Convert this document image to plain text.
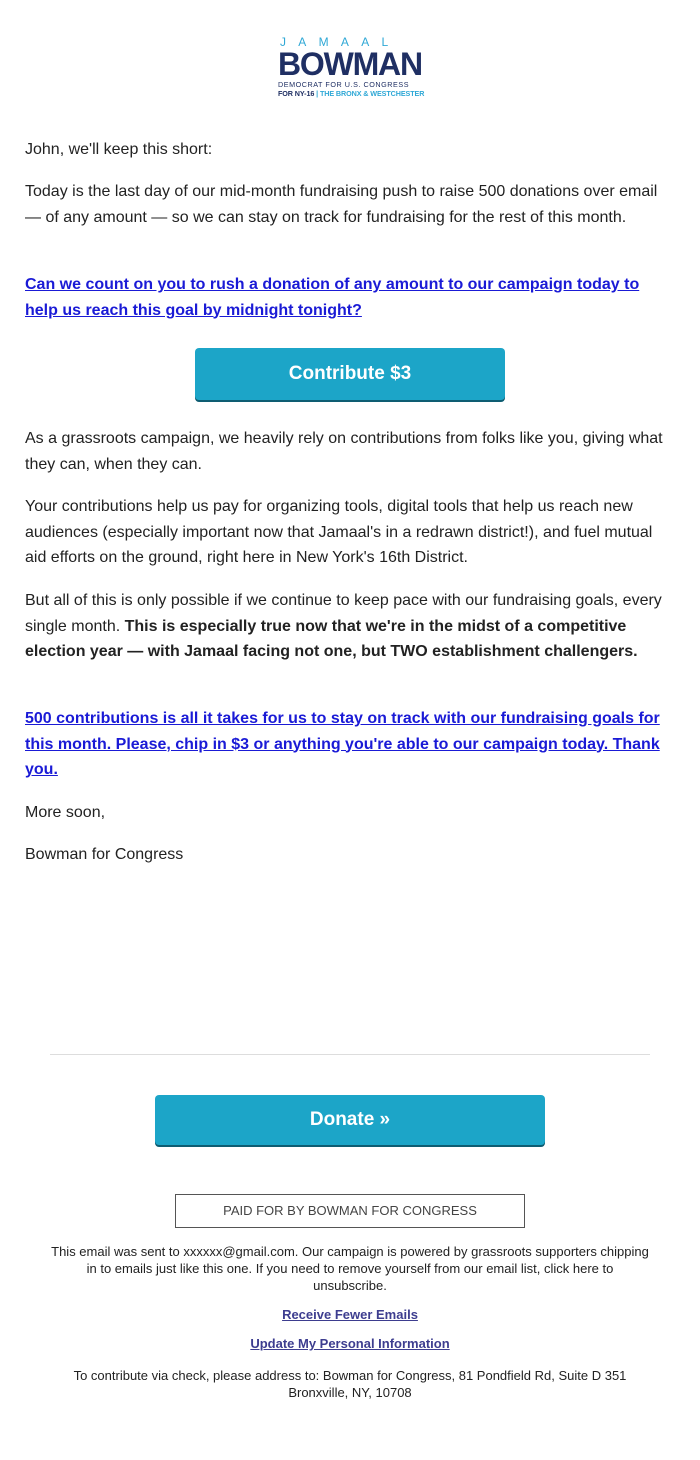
JAMAAL
BOWMAN
DEMOCRAT FOR U.S. CONGRESS
FOR NY-16 | THE BRONX & WESTCHESTER

John, we'll keep this short:

Today is the last day of our mid-month fundraising push to raise 500 donations over email — of any amount — so we can stay on track for fundraising for the rest of this month.

Can we count on you to rush a donation of any amount to our campaign today to help us reach this goal by midnight tonight?

Contribute $3

As a grassroots campaign, we heavily rely on contributions from folks like you, giving what they can, when they can.

Your contributions help us pay for organizing tools, digital tools that help us reach new audiences (especially important now that Jamaal's in a redrawn district!), and fuel mutual aid efforts on the ground, right here in New York's 16th District.

But all of this is only possible if we continue to keep pace with our fundraising goals, every single month. This is especially true now that we're in the midst of a competitive election year — with Jamaal facing not one, but TWO establishment challengers.

500 contributions is all it takes for us to stay on track with our fundraising goals for this month. Please, chip in $3 or anything you're able to our campaign today. Thank you.

More soon,

Bowman for Congress

Donate »
PAID FOR BY BOWMAN FOR CONGRESS
This email was sent to xxxxxx@gmail.com. Our campaign is powered by grassroots supporters chipping in to emails just like this one. If you need to remove yourself from our email list, click here to unsubscribe.
Receive Fewer Emails
Update My Personal Information
To contribute via check, please address to: Bowman for Congress, 81 Pondfield Rd, Suite D 351 Bronxville, NY, 10708
